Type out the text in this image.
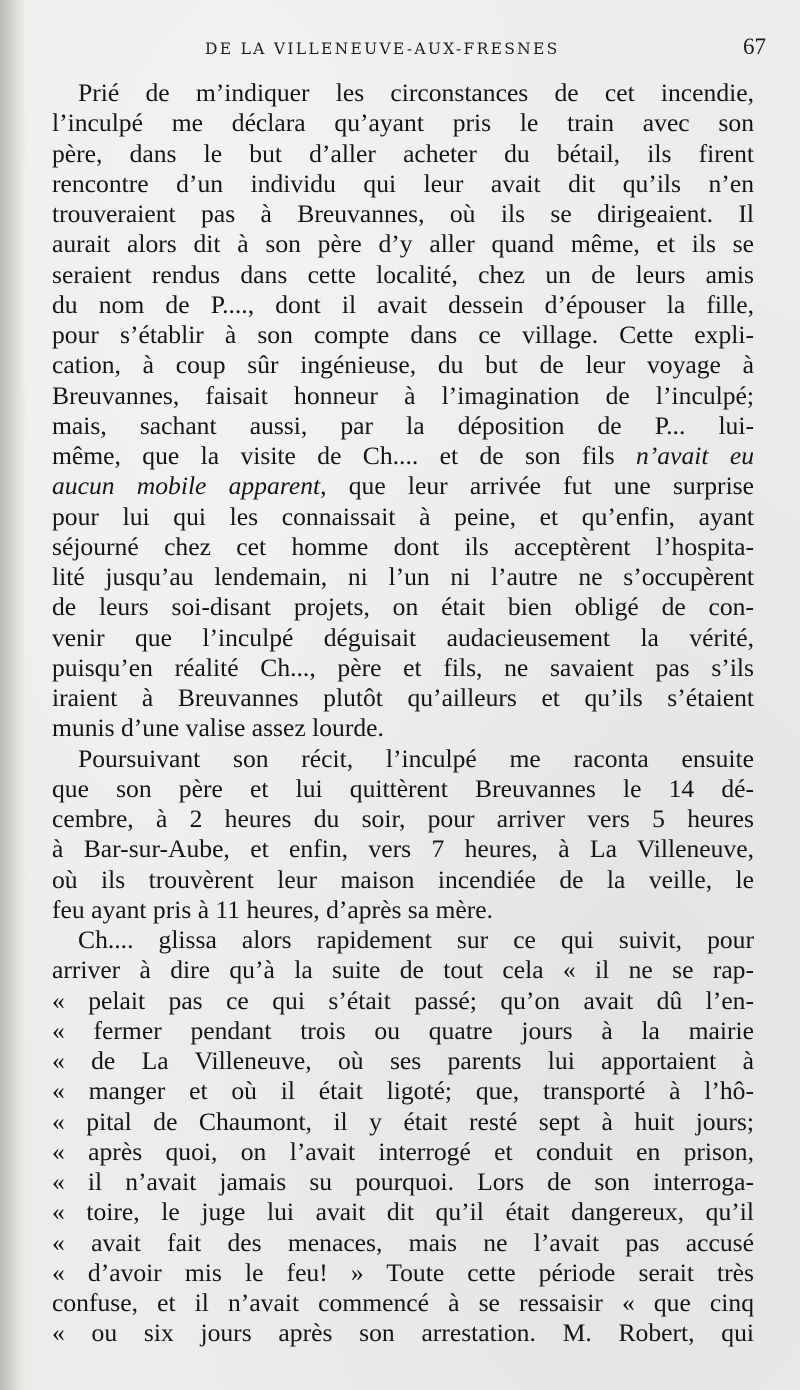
DE LA VILLENEUVE-AUX-FRESNES	67
Prié de m’indiquer les circonstances de cet incendie,
l’inculpé me déclara qu’ayant pris le train avec son
père, dans le but d’aller acheter du bétail, ils firent
rencontre d’un individu qui leur avait dit qu’ils n’en
trouveraient pas à Breuvannes, où ils se dirigeaient. Il
aurait alors dit à son père d’y aller quand même, et ils se
seraient rendus dans cette localité, chez un de leurs amis
du nom de P...., dont il avait dessein d’épouser la fille,
pour s’établir à son compte dans ce village. Cette expli-
cation, à coup sûr ingénieuse, du but de leur voyage à
Breuvannes, faisait honneur à l’imagination de l’inculpé;
mais, sachant aussi, par la déposition de P... lui-
même, que la visite de Ch.... et de son fils n’avait eu
aucun mobile apparent, que leur arrivée fut une surprise
pour lui qui les connaissait à peine, et qu’enfin, ayant
séjourné chez cet homme dont ils acceptèrent l’hospita-
lité jusqu’au lendemain, ni l’un ni l’autre ne s’occupèrent
de leurs soi-disant projets, on était bien obligé de con-
venir que l’inculpé déguisait audacieusement la vérité,
puisqu’en réalité Ch..., père et fils, ne savaient pas s’ils
iraient à Breuvannes plutôt qu’ailleurs et qu’ils s’étaient
munis d’une valise assez lourde.
Poursuivant son récit, l’inculpé me raconta ensuite
que son père et lui quittèrent Breuvannes le 14 dé-
cembre, à 2 heures du soir, pour arriver vers 5 heures
à Bar-sur-Aube, et enfin, vers 7 heures, à La Villeneuve,
où ils trouvèrent leur maison incendiée de la veille, le
feu ayant pris à 11 heures, d’après sa mère.
Ch.... glissa alors rapidement sur ce qui suivit, pour
arriver à dire qu’à la suite de tout cela « il ne se rap-
« pelait pas ce qui s’était passé; qu’on avait dû l’en-
« fermer pendant trois ou quatre jours à la mairie
« de La Villeneuve, où ses parents lui apportaient à
« manger et où il était ligoté; que, transporté à l’hô-
« pital de Chaumont, il y était resté sept à huit jours;
« après quoi, on l’avait interrogé et conduit en prison,
« il n’avait jamais su pourquoi. Lors de son interroga-
« toire, le juge lui avait dit qu’il était dangereux, qu’il
« avait fait des menaces, mais ne l’avait pas accusé
« d’avoir mis le feu! » Toute cette période serait très
confuse, et il n’avait commencé à se ressaisir « que cinq
« ou six jours après son arrestation. M. Robert, qui
